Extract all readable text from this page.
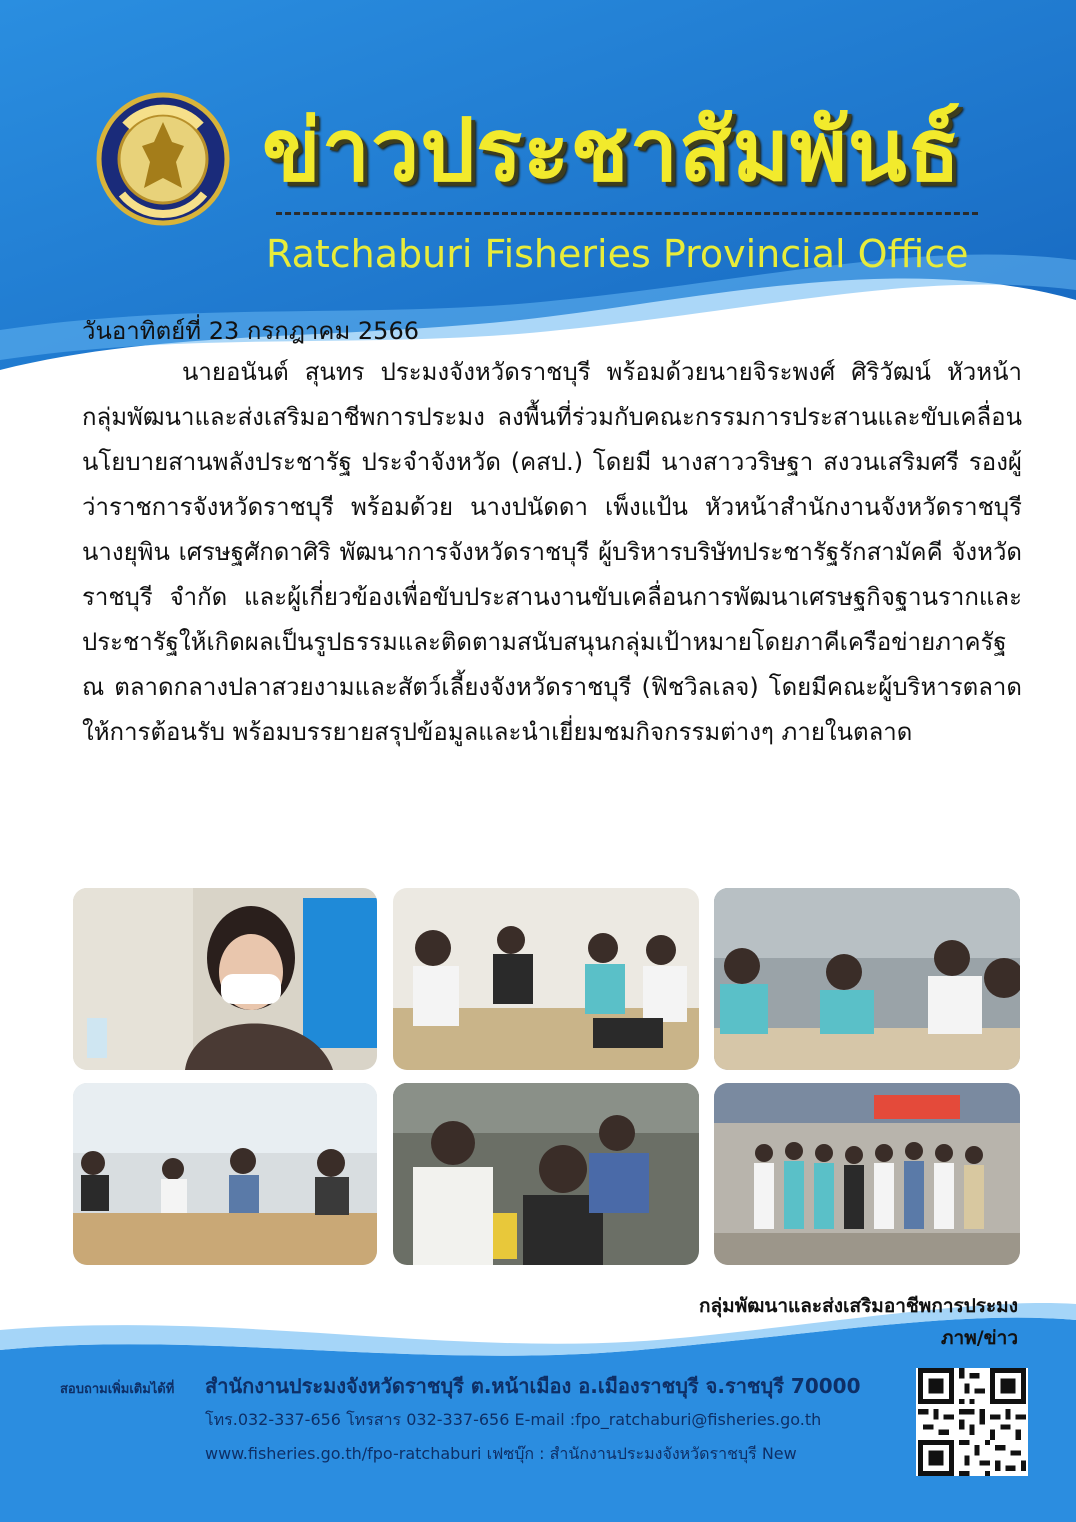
ข่าวประชาสัมพันธ์
Ratchaburi Fisheries Provincial Office

วันอาทิตย์ที่ 23 กรกฎาคม 2566

นายอนันต์ สุนทร ประมงจังหวัดราชบุรี พร้อมด้วยนายจิระพงศ์ ศิริวัฒน์ หัวหน้ากลุ่มพัฒนาและส่งเสริมอาชีพการประมง ลงพื้นที่ร่วมกับคณะกรรมการประสานและขับเคลื่อนนโยบายสานพลังประชารัฐ ประจำจังหวัด (คสป.) โดยมี นางสาววริษฐา สงวนเสริมศรี รองผู้ว่าราชการจังหวัดราชบุรี พร้อมด้วย นางปนัดดา เพ็งแป้น หัวหน้าสำนักงานจังหวัดราชบุรี นางยุพิน เศรษฐศักดาศิริ พัฒนาการจังหวัดราชบุรี ผู้บริหารบริษัทประชารัฐรักสามัคคี จังหวัดราชบุรี จำกัด และผู้เกี่ยวข้องเพื่อขับประสานงานขับเคลื่อนการพัฒนาเศรษฐกิจฐานรากและประชารัฐให้เกิดผลเป็นรูปธรรมและติดตามสนับสนุนกลุ่มเป้าหมายโดยภาคีเครือข่ายภาครัฐ ณ ตลาดกลางปลาสวยงามและสัตว์เลี้ยงจังหวัดราชบุรี (ฟิชวิลเลจ) โดยมีคณะผู้บริหารตลาดให้การต้อนรับ พร้อมบรรยายสรุปข้อมูลและนำเยี่ยมชมกิจกรรมต่างๆ ภายในตลาด

กลุ่มพัฒนาและส่งเสริมอาชีพการประมง
ภาพ/ข่าว
สอบถามเพิ่มเติมได้ที่ สำนักงานประมงจังหวัดราชบุรี ต.หน้าเมือง อ.เมืองราชบุรี จ.ราชบุรี 70000
โทร.032-337-656 โทรสาร 032-337-656 E-mail :fpo_ratchaburi@fisheries.go.th
www.fisheries.go.th/fpo-ratchaburi เฟซบุ๊ก : สำนักงานประมงจังหวัดราชบุรี New
